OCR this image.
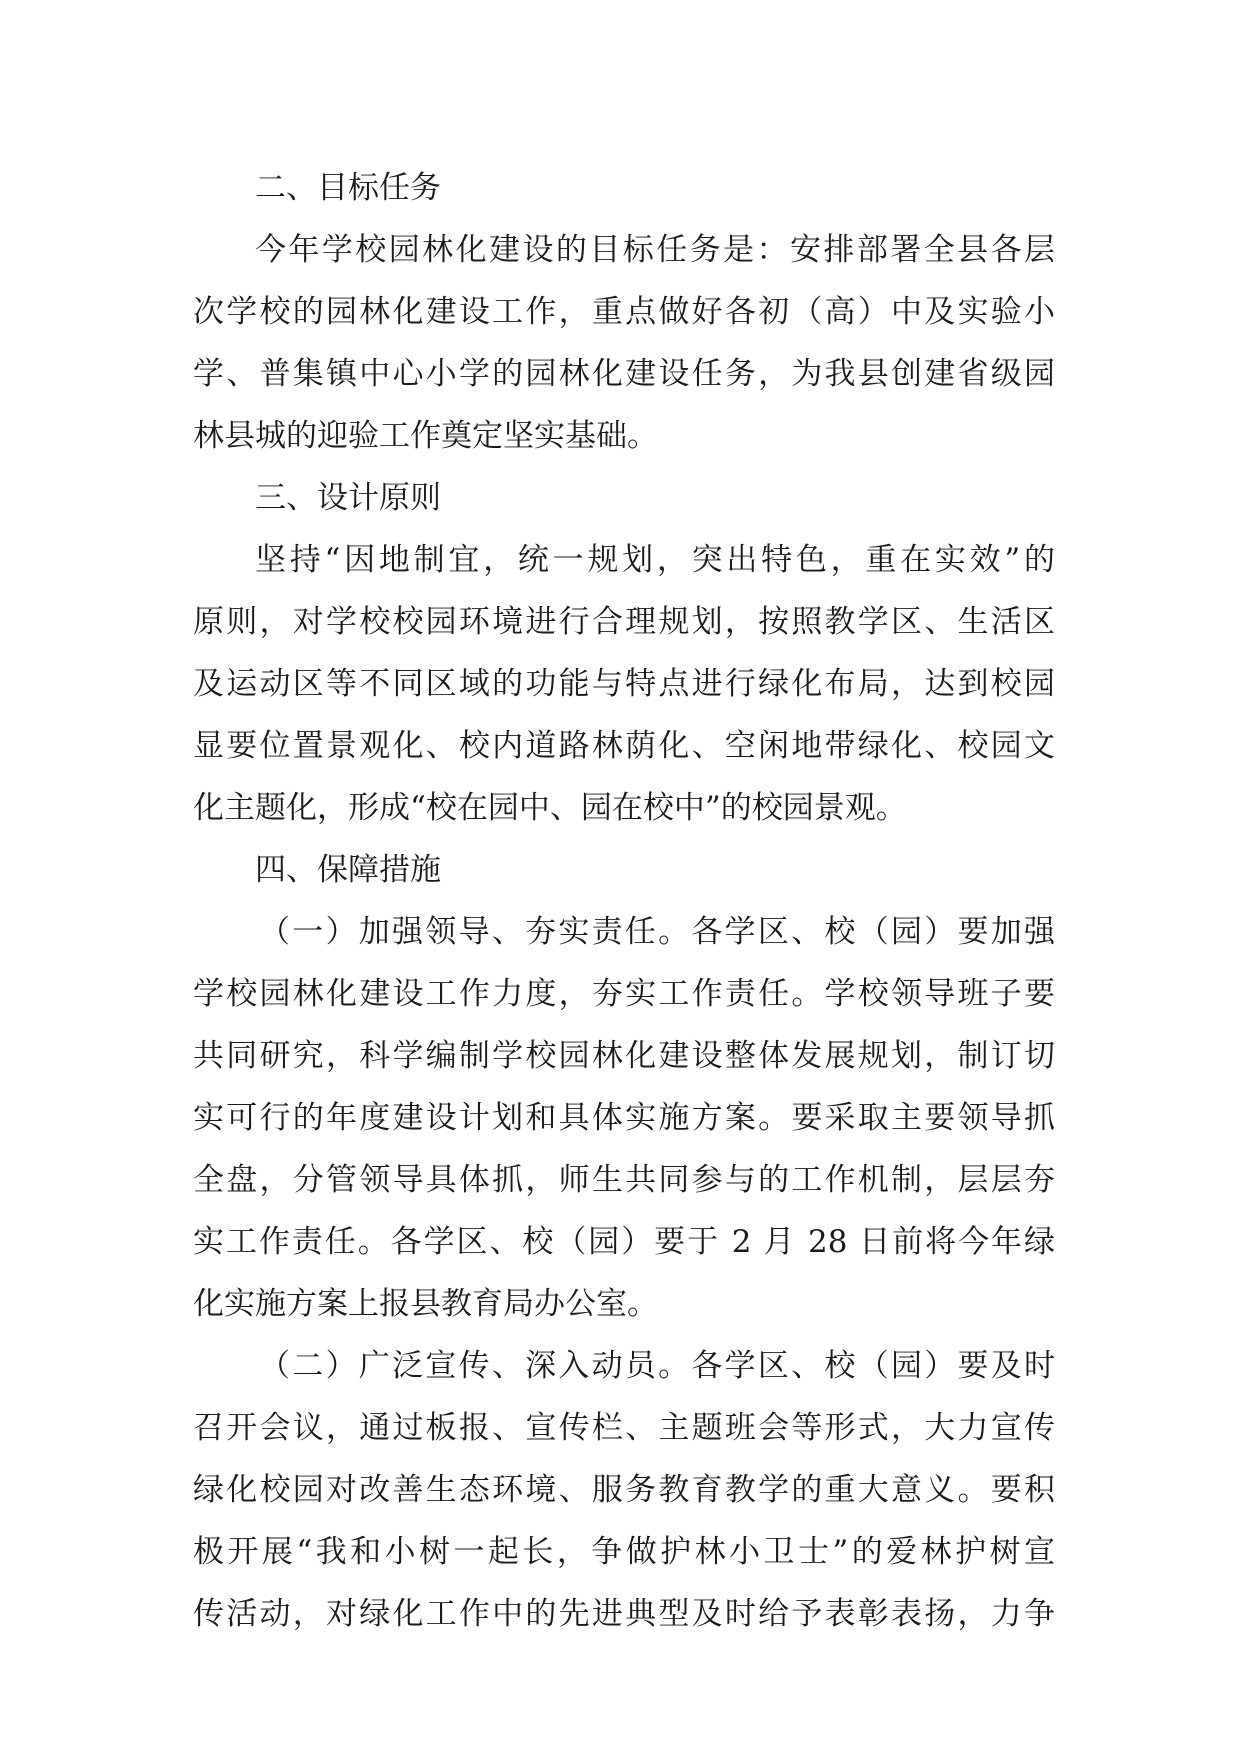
二、目标任务
今年学校园林化建设的目标任务是：安排部署全县各层
次学校的园林化建设工作，重点做好各初（高）中及实验小
学、普集镇中心小学的园林化建设任务，为我县创建省级园
林县城的迎验工作奠定坚实基础。
三、设计原则
坚持“因地制宜，统一规划，突出特色，重在实效”的
原则，对学校校园环境进行合理规划，按照教学区、生活区
及运动区等不同区域的功能与特点进行绿化布局，达到校园
显要位置景观化、校内道路林荫化、空闲地带绿化、校园文
化主题化，形成“校在园中、园在校中”的校园景观。
四、保障措施
（一）加强领导、夯实责任。各学区、校（园）要加强
学校园林化建设工作力度，夯实工作责任。学校领导班子要
共同研究，科学编制学校园林化建设整体发展规划，制订切
实可行的年度建设计划和具体实施方案。要采取主要领导抓
全盘，分管领导具体抓，师生共同参与的工作机制，层层夯
实工作责任。各学区、校（园）要于 2 月 28 日前将今年绿
化实施方案上报县教育局办公室。
（二）广泛宣传、深入动员。各学区、校（园）要及时
召开会议，通过板报、宣传栏、主题班会等形式，大力宣传
绿化校园对改善生态环境、服务教育教学的重大意义。要积
极开展“我和小树一起长，争做护林小卫士”的爱林护树宣
传活动，对绿化工作中的先进典型及时给予表彰表扬，力争
